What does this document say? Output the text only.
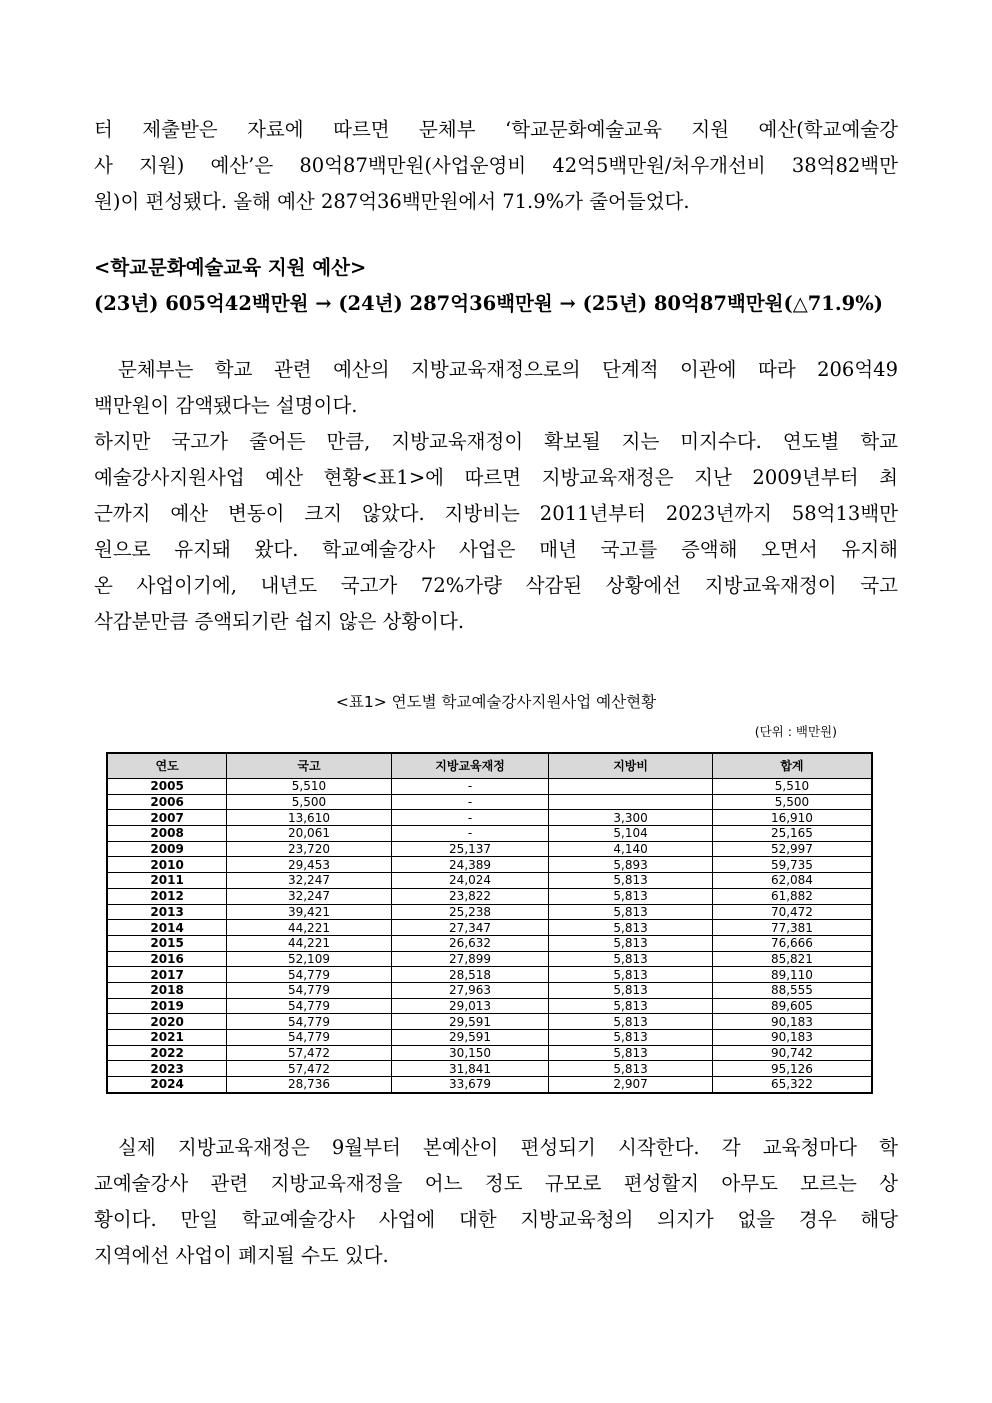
터 제출받은 자료에 따르면 문체부 ‘학교문화예술교육 지원 예산(학교예술강
사 지원) 예산’은 80억87백만원(사업운영비 42억5백만원/처우개선비 38억82백만
원)이 편성됐다. 올해 예산 287억36백만원에서 71.9%가 줄어들었다.
<학교문화예술교육 지원 예산>
(23년) 605억42백만원 → (24년) 287억36백만원 → (25년) 80억87백만원(△71.9%)
문체부는 학교 관련 예산의 지방교육재정으로의 단계적 이관에 따라 206억49
백만원이 감액됐다는 설명이다.
하지만 국고가 줄어든 만큼, 지방교육재정이 확보될 지는 미지수다. 연도별 학교
예술강사지원사업 예산 현황<표1>에 따르면 지방교육재정은 지난 2009년부터 최
근까지 예산 변동이 크지 않았다. 지방비는 2011년부터 2023년까지 58억13백만
원으로 유지돼 왔다. 학교예술강사 사업은 매년 국고를 증액해 오면서 유지해
온 사업이기에, 내년도 국고가 72%가량 삭감된 상황에선 지방교육재정이 국고
삭감분만큼 증액되기란 쉽지 않은 상황이다.
<표1> 연도별 학교예술강사지원사업 예산현황
(단위 : 백만원)
연도	국고	지방교육재정	지방비	합계
2005	5,510	-		5,510
2006	5,500	-		5,500
2007	13,610	-	3,300	16,910
2008	20,061	-	5,104	25,165
2009	23,720	25,137	4,140	52,997
2010	29,453	24,389	5,893	59,735
2011	32,247	24,024	5,813	62,084
2012	32,247	23,822	5,813	61,882
2013	39,421	25,238	5,813	70,472
2014	44,221	27,347	5,813	77,381
2015	44,221	26,632	5,813	76,666
2016	52,109	27,899	5,813	85,821
2017	54,779	28,518	5,813	89,110
2018	54,779	27,963	5,813	88,555
2019	54,779	29,013	5,813	89,605
2020	54,779	29,591	5,813	90,183
2021	54,779	29,591	5,813	90,183
2022	57,472	30,150	5,813	90,742
2023	57,472	31,841	5,813	95,126
2024	28,736	33,679	2,907	65,322
실제 지방교육재정은 9월부터 본예산이 편성되기 시작한다. 각 교육청마다 학
교예술강사 관련 지방교육재정을 어느 정도 규모로 편성할지 아무도 모르는 상
황이다. 만일 학교예술강사 사업에 대한 지방교육청의 의지가 없을 경우 해당
지역에선 사업이 폐지될 수도 있다.
